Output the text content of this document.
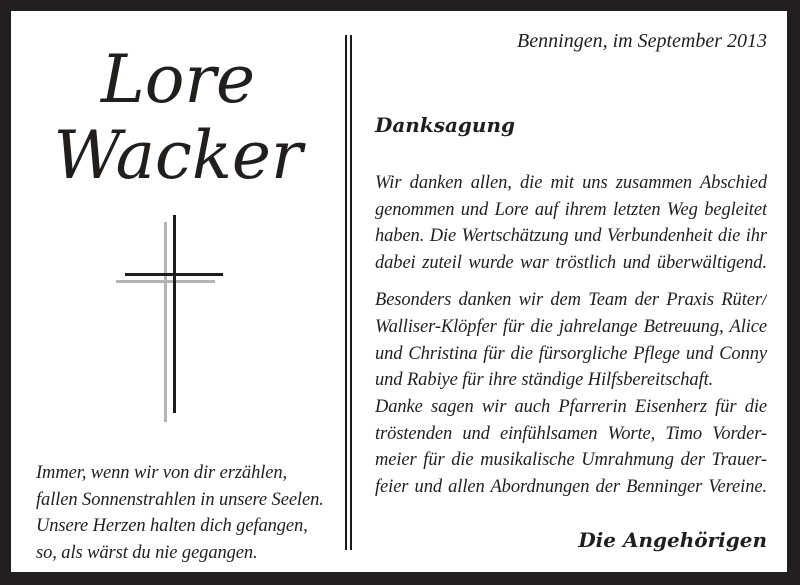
Lore
Wacker
Immer, wenn wir von dir erzählen,
fallen Sonnenstrahlen in unsere Seelen.
Unsere Herzen halten dich gefangen,
so, als wärst du nie gegangen.
Benningen, im September 2013
Danksagung
Wir danken allen, die mit uns zusammen Abschied
genommen und Lore auf ihrem letzten Weg begleitet
haben. Die Wertschätzung und Verbundenheit die ihr
dabei zuteil wurde war tröstlich und überwältigend.
Besonders danken wir dem Team der Praxis Rüter/
Walliser-Klöpfer für die jahrelange Betreuung, Alice
und Christina für die fürsorgliche Pflege und Conny
und Rabiye für ihre ständige Hilfsbereitschaft.
Danke sagen wir auch Pfarrerin Eisenherz für die
tröstenden und einfühlsamen Worte, Timo Vorder-
meier für die musikalische Umrahmung der Trauer-
feier und allen Abordnungen der Benninger Vereine.
Die Angehörigen
